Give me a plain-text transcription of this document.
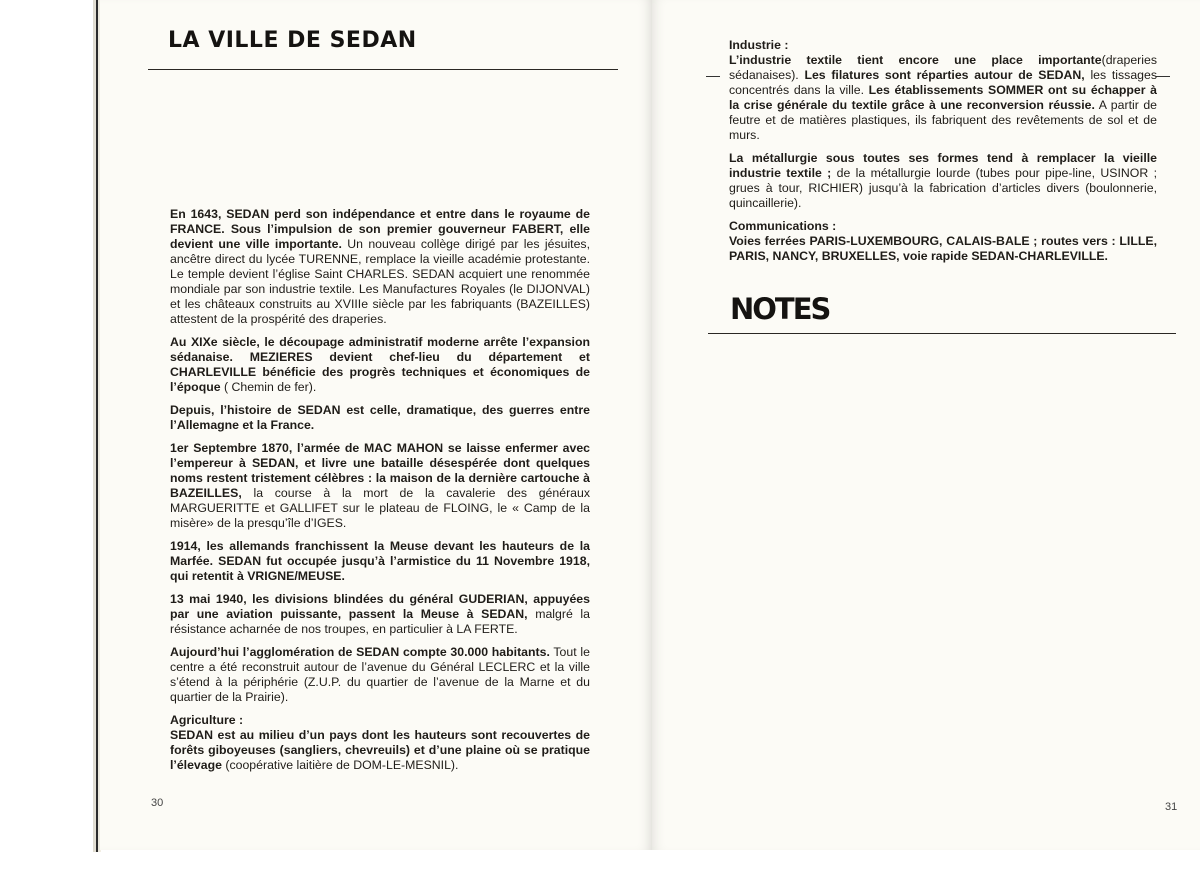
LA VILLE DE SEDAN

En 1643, SEDAN perd son indépendance et entre dans le royaume de FRANCE. Sous l’impulsion de son premier gouverneur FABERT, elle devient une ville importante. Un nouveau collège dirigé par les jésuites, ancêtre direct du lycée TURENNE, remplace la vieille académie protestante. Le temple devient l’église Saint CHARLES. SEDAN acquiert une renommée mondiale par son industrie textile. Les Manufactures Royales (le DIJONVAL) et les châteaux construits au XVIIIe siècle par les fabriquants (BAZEILLES) attestent de la prospérité des draperies.

Au XIXe siècle, le découpage administratif moderne arrête l’expansion sédanaise. MEZIERES devient chef-lieu du département et CHARLEVILLE bénéficie des progrès techniques et économiques de l’époque ( Chemin de fer).

Depuis, l’histoire de SEDAN est celle, dramatique, des guerres entre l’Allemagne et la France.

1er Septembre 1870, l’armée de MAC MAHON se laisse enfermer avec l’empereur à SEDAN, et livre une bataille désespérée dont quelques noms restent tristement célèbres : la maison de la dernière cartouche à BAZEILLES, la course à la mort de la cavalerie des généraux MARGUERITTE et GALLIFET sur le plateau de FLOING, le « Camp de la misère» de la presqu’île d’IGES.

1914, les allemands franchissent la Meuse devant les hauteurs de la Marfée. SEDAN fut occupée jusqu’à l’armistice du 11 Novembre 1918, qui retentit à VRIGNE/MEUSE.

13 mai 1940, les divisions blindées du général GUDERIAN, appuyées par une aviation puissante, passent la Meuse à SEDAN, malgré la résistance acharnée de nos troupes, en particulier à LA FERTE.

Aujourd’hui l’agglomération de SEDAN compte 30.000 habitants. Tout le centre a été reconstruit autour de l’avenue du Général LECLERC et la ville s’étend à la périphérie (Z.U.P. du quartier de l’avenue de la Marne et du quartier de la Prairie).

Agriculture :

SEDAN est au milieu d’un pays dont les hauteurs sont recouvertes de forêts giboyeuses (sangliers, chevreuils) et d’une plaine où se pratique l’élevage (coopérative laitière de DOM-LE-MESNIL).

30
Industrie :

L’industrie textile tient encore une place importante(draperies sédanaises). Les filatures sont réparties autour de SEDAN, les tissages concentrés dans la ville. Les établissements SOMMER ont su échapper à la crise générale du textile grâce à une reconversion réussie. A partir de feutre et de matières plastiques, ils fabriquent des revêtements de sol et de murs.

La métallurgie sous toutes ses formes tend à remplacer la vieille industrie textile ; de la métallurgie lourde (tubes pour pipe-line, USINOR ; grues à tour, RICHIER) jusqu’à la fabrication d’articles divers (boulonnerie, quincaillerie).

Communications :

Voies ferrées PARIS-LUXEMBOURG, CALAIS-BALE ; routes vers : LILLE, PARIS, NANCY, BRUXELLES, voie rapide SEDAN-CHARLEVILLE.

NOTES
31
